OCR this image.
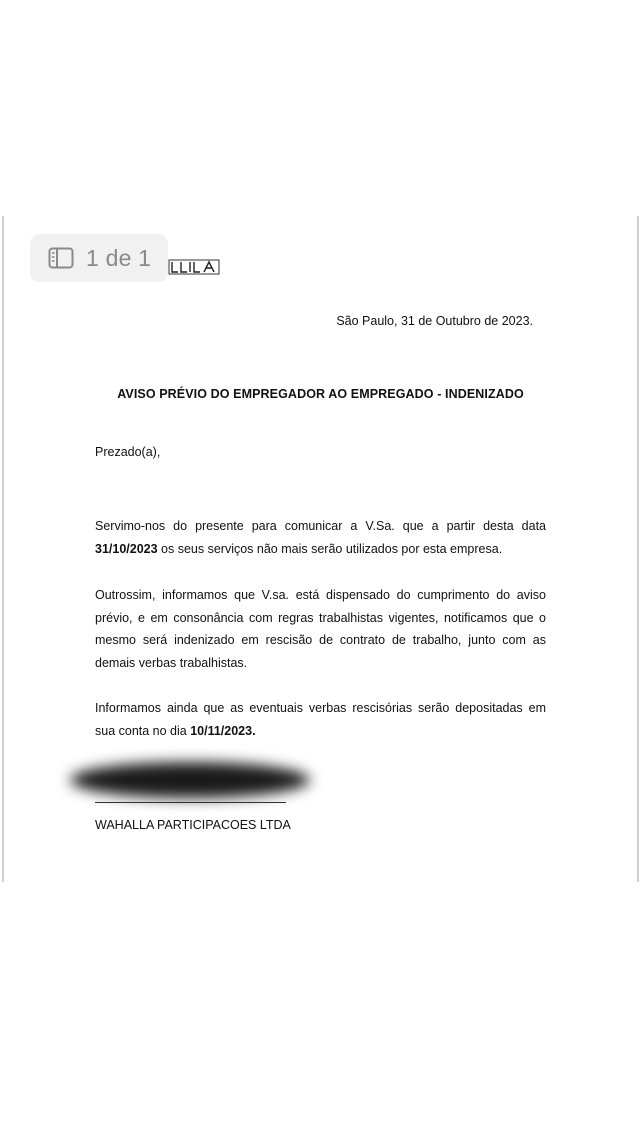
1 de 1
São Paulo, 31 de Outubro de 2023.
AVISO PRÉVIO DO EMPREGADOR AO EMPREGADO - INDENIZADO
Prezado(a),
Servimo-nos do presente para comunicar a V.Sa. que a partir desta data 31/10/2023 os seus serviços não mais serão utilizados por esta empresa.
Outrossim, informamos que V.sa. está dispensado do cumprimento do aviso prévio, e em consonância com regras trabalhistas vigentes, notificamos que o mesmo será indenizado em rescisão de contrato de trabalho, junto com as demais verbas trabalhistas.
Informamos ainda que as eventuais verbas rescisórias serão depositadas em sua conta no dia 10/11/2023.
WAHALLA PARTICIPACOES LTDA
